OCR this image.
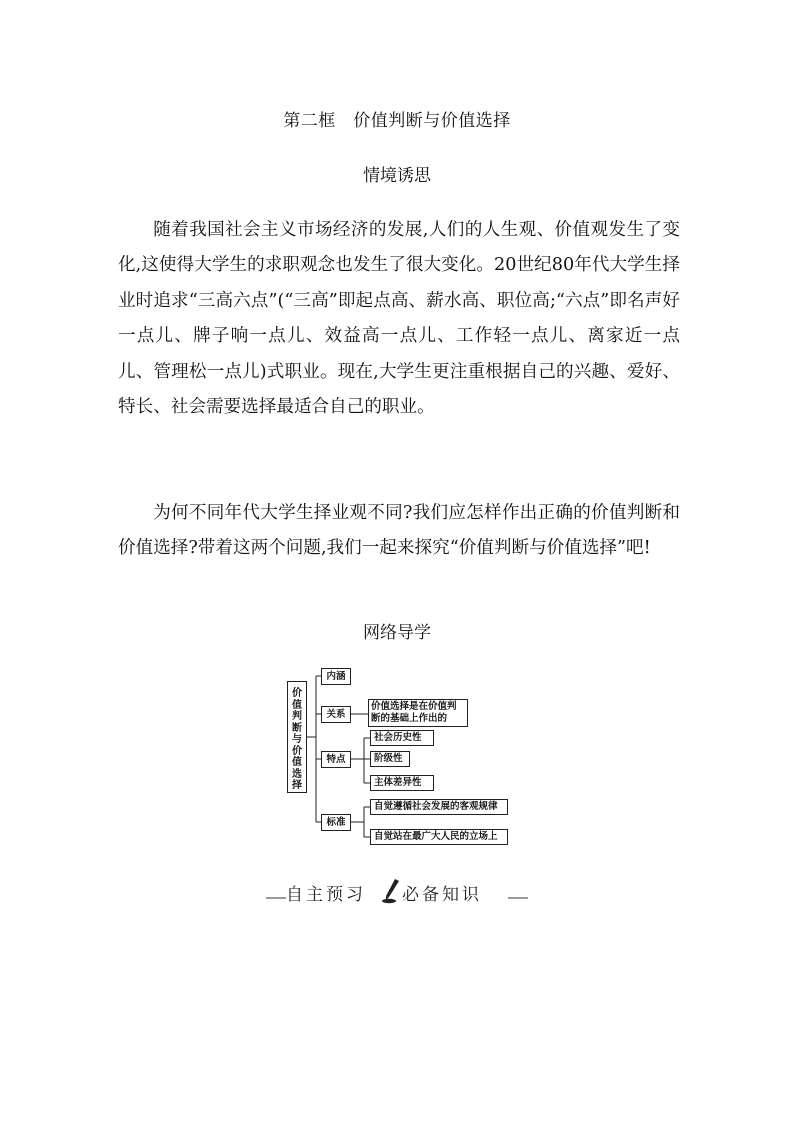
第二框　价值判断与价值选择
情境诱思

随着我国社会主义市场经济的发展,人们的人生观、价值观发生了变化,这使得大学生的求职观念也发生了很大变化。20世纪80年代大学生择业时追求“三高六点”(“三高”即起点高、薪水高、职位高;“六点”即名声好一点儿、牌子响一点儿、效益高一点儿、工作轻一点儿、离家近一点儿、管理松一点儿)式职业。现在,大学生更注重根据自己的兴趣、爱好、特长、社会需要选择最适合自己的职业。

为何不同年代大学生择业观不同?我们应怎样作出正确的价值判断和价值选择?带着这两个问题,我们一起来探究“价值判断与价值选择”吧!

网络导学
价值判断与价值选择
内涵
关系
价值选择是在价值判断的基础上作出的
特点
社会历史性
阶级性
主体差异性
标准
自觉遵循社会发展的客观规律
自觉站在最广大人民的立场上
自主预习 必备知识
